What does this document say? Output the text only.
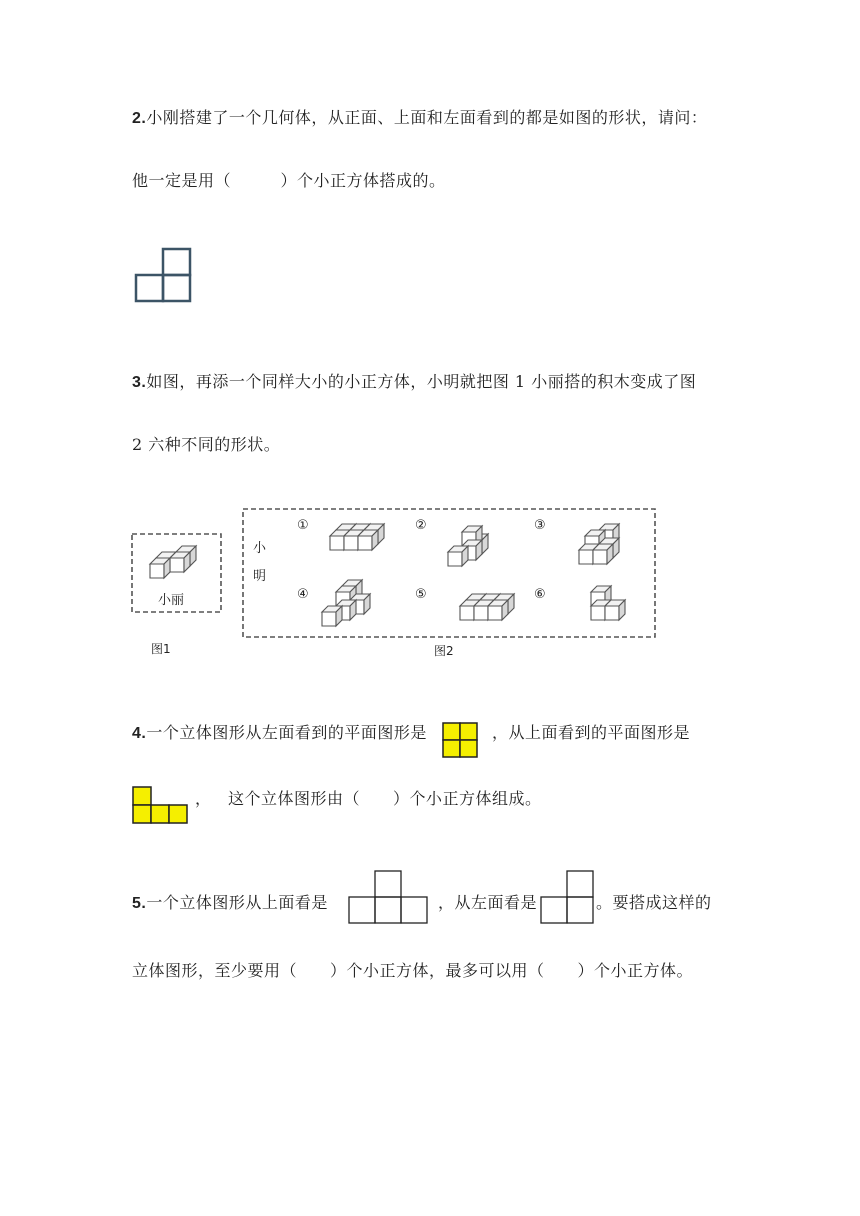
2.小刚搭建了一个几何体，从正面、上面和左面看到的都是如图的形状，请问：
他一定是用（　　　）个小正方体搭成的。
3.如图，再添一个同样大小的小正方体，小明就把图 1 小丽搭的积木变成了图
2 六种不同的形状。
小丽
图1
小
明
图2
①	②	③
④	⑤	⑥
4.一个立体图形从左面看到的平面图形是	，从上面看到的平面图形是
， 这个立体图形由（　　）个小正方体组成。
5.一个立体图形从上面看是	，从左面看是	。要搭成这样的
立体图形，至少要用（　　）个小正方体，最多可以用（　　）个小正方体。
